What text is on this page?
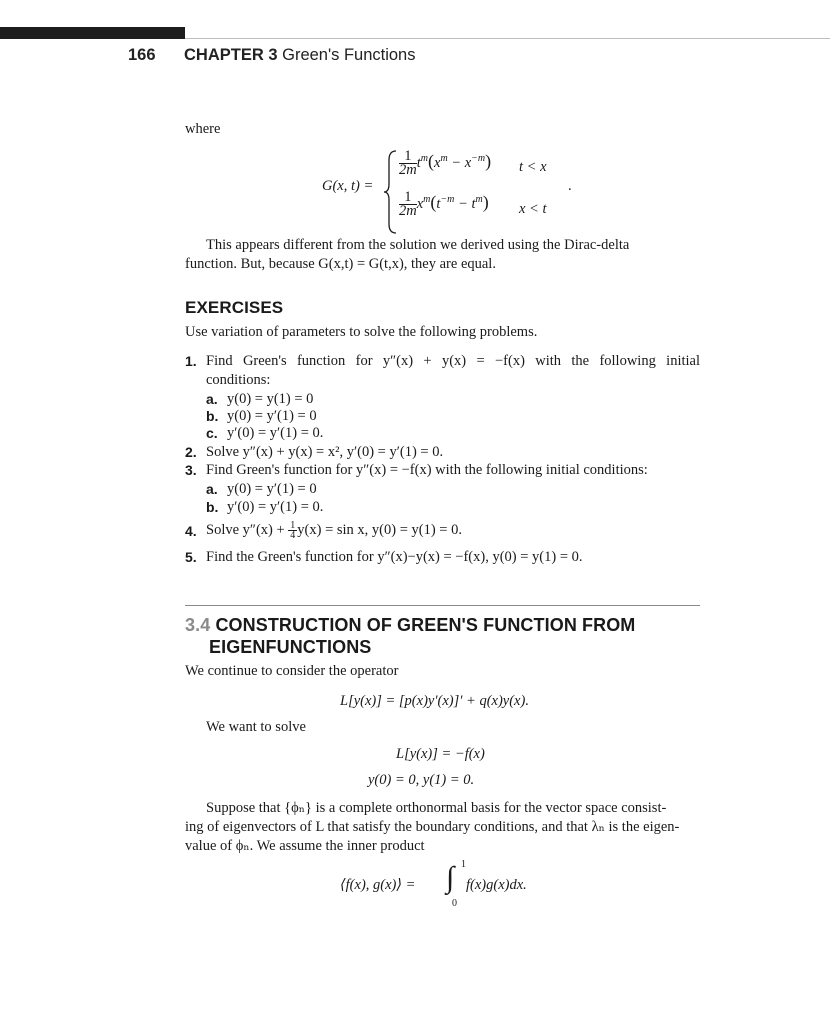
166 CHAPTER 3 Green's Functions
where
G(x, t) =
$\frac{1}{2m} t^m(x^m - x^{-m}) t < x$
.
$\frac{1}{2m} x^m(t^{-m} - t^m) x < t$
This appears different from the solution we derived using the Dirac-delta
function. But, because G(x,t) = G(t,x), they are equal.
EXERCISES
Use variation of parameters to solve the following problems.
1. Find Green's function for y″(x) + y(x) = −f(x) with the following initial
conditions:
a. y(0) = y(1) = 0
b. y(0) = y′(1) = 0
c. y′(0) = y′(1) = 0.
2. Solve y″(x) + y(x) = x², y′(0) = y′(1) = 0.
3. Find Green's function for y″(x) = −f(x) with the following initial conditions:
a. y(0) = y′(1) = 0
b. y′(0) = y′(1) = 0.
4. Solve $y''(x) + \frac{1}{4} y(x) = \sin x$, y(0) = y(1) = 0.
5. Find the Green's function for y″(x)−y(x) = −f(x), y(0) = y(1) = 0.
3.4 CONSTRUCTION OF GREEN'S FUNCTION FROM
EIGENFUNCTIONS
We continue to consider the operator
L[y(x)] = [p(x)y′(x)]′ + q(x)y(x).
We want to solve
L[y(x)] = −f(x)
y(0) = 0, y(1) = 0.
Suppose that {ϕₙ} is a complete orthonormal basis for the vector space consist-
ing of eigenvectors of L that satisfy the boundary conditions, and that λₙ is the eigen-
value of ϕₙ. We assume the inner product
⟨f(x), g(x)⟩ = ∫ 1
0
f(x)g(x)dx.
